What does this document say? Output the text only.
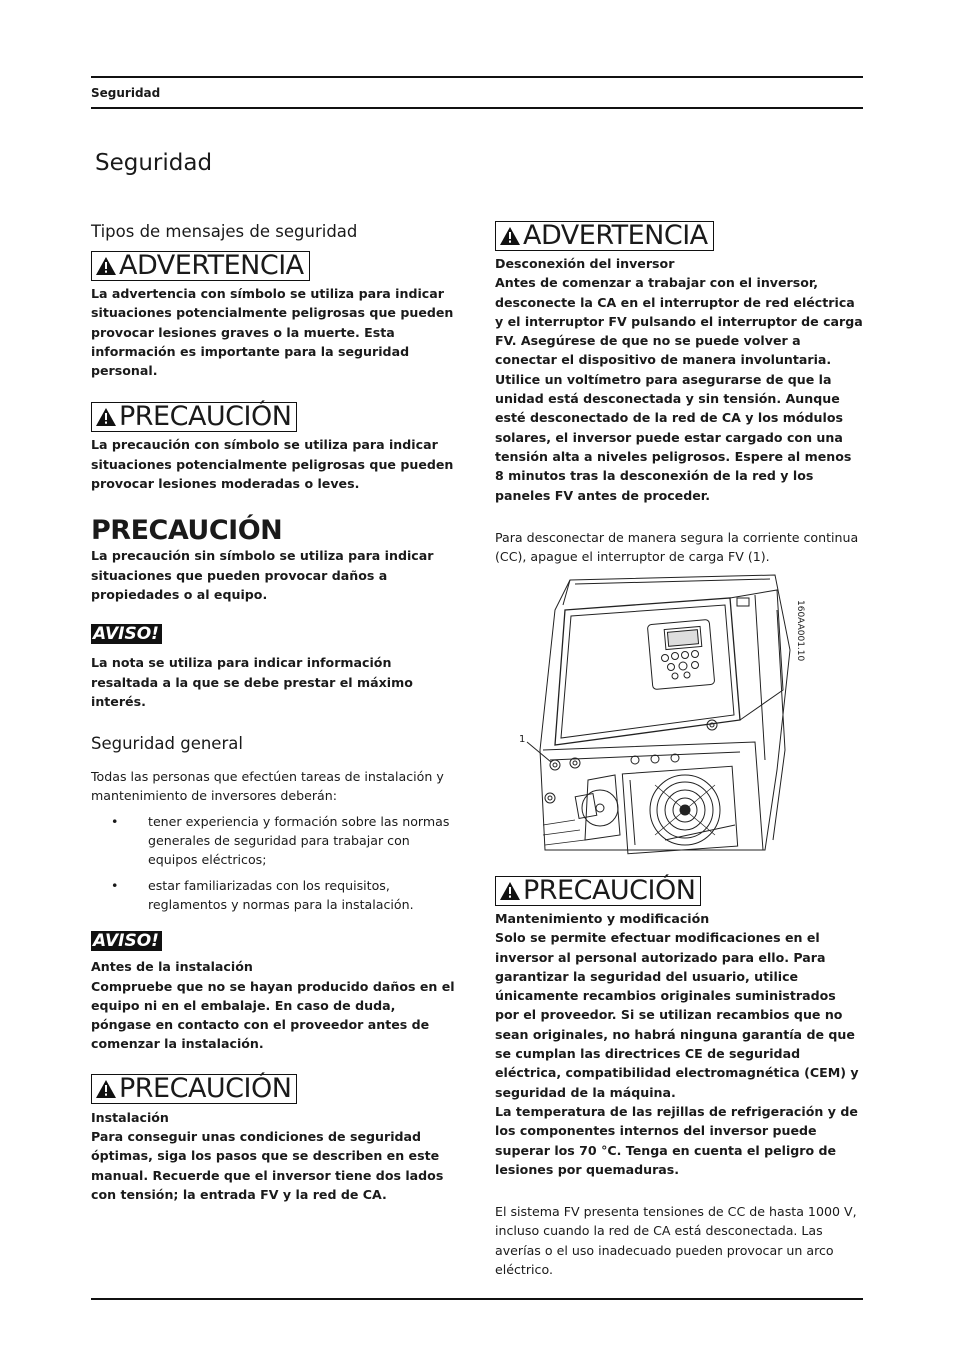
Seguridad
Seguridad
Tipos de mensajes de seguridad
ADVERTENCIA
La advertencia con símbolo se utiliza para indicar situaciones potencialmente peligrosas que pueden provocar lesiones graves o la muerte. Esta información es importante para la seguridad personal.
PRECAUCIÓN
La precaución con símbolo se utiliza para indicar situaciones potencialmente peligrosas que pueden provocar lesiones moderadas o leves.
PRECAUCIÓN
La precaución sin símbolo se utiliza para indicar situaciones que pueden provocar daños a propiedades o al equipo.
AVISO!
La nota se utiliza para indicar información resaltada a la que se debe prestar el máximo interés.
Seguridad general
Todas las personas que efectúen tareas de instalación y mantenimiento de inversores deberán:
• tener experiencia y formación sobre las normas generales de seguridad para trabajar con equipos eléctricos;
• estar familiarizadas con los requisitos, reglamentos y normas para la instalación.
AVISO!
Antes de la instalación
Compruebe que no se hayan producido daños en el equipo ni en el embalaje. En caso de duda, póngase en contacto con el proveedor antes de comenzar la instalación.
PRECAUCIÓN
Instalación
Para conseguir unas condiciones de seguridad óptimas, siga los pasos que se describen en este manual. Recuerde que el inversor tiene dos lados con tensión; la entrada FV y la red de CA.
ADVERTENCIA
Desconexión del inversor
Antes de comenzar a trabajar con el inversor, desconecte la CA en el interruptor de red eléctrica y el interruptor FV pulsando el interruptor de carga FV. Asegúrese de que no se puede volver a conectar el dispositivo de manera involuntaria. Utilice un voltímetro para asegurarse de que la unidad está desconectada y sin tensión. Aunque esté desconectado de la red de CA y los módulos solares, el inversor puede estar cargado con una tensión alta a niveles peligrosos. Espere al menos 8 minutos tras la desconexión de la red y los paneles FV antes de proceder.
Para desconectar de manera segura la corriente continua (CC), apague el interruptor de carga FV (1).
1
160AA001.10
PRECAUCIÓN
Mantenimiento y modificación
Solo se permite efectuar modificaciones en el inversor al personal autorizado para ello. Para garantizar la seguridad del usuario, utilice únicamente recambios originales suministrados por el proveedor. Si se utilizan recambios que no sean originales, no habrá ninguna garantía de que se cumplan las directrices CE de seguridad eléctrica, compatibilidad electromagnética (CEM) y seguridad de la máquina.
La temperatura de las rejillas de refrigeración y de los componentes internos del inversor puede superar los 70 °C. Tenga en cuenta el peligro de lesiones por quemaduras.
El sistema FV presenta tensiones de CC de hasta 1000 V, incluso cuando la red de CA está desconectada. Las averías o el uso inadecuado pueden provocar un arco eléctrico.
